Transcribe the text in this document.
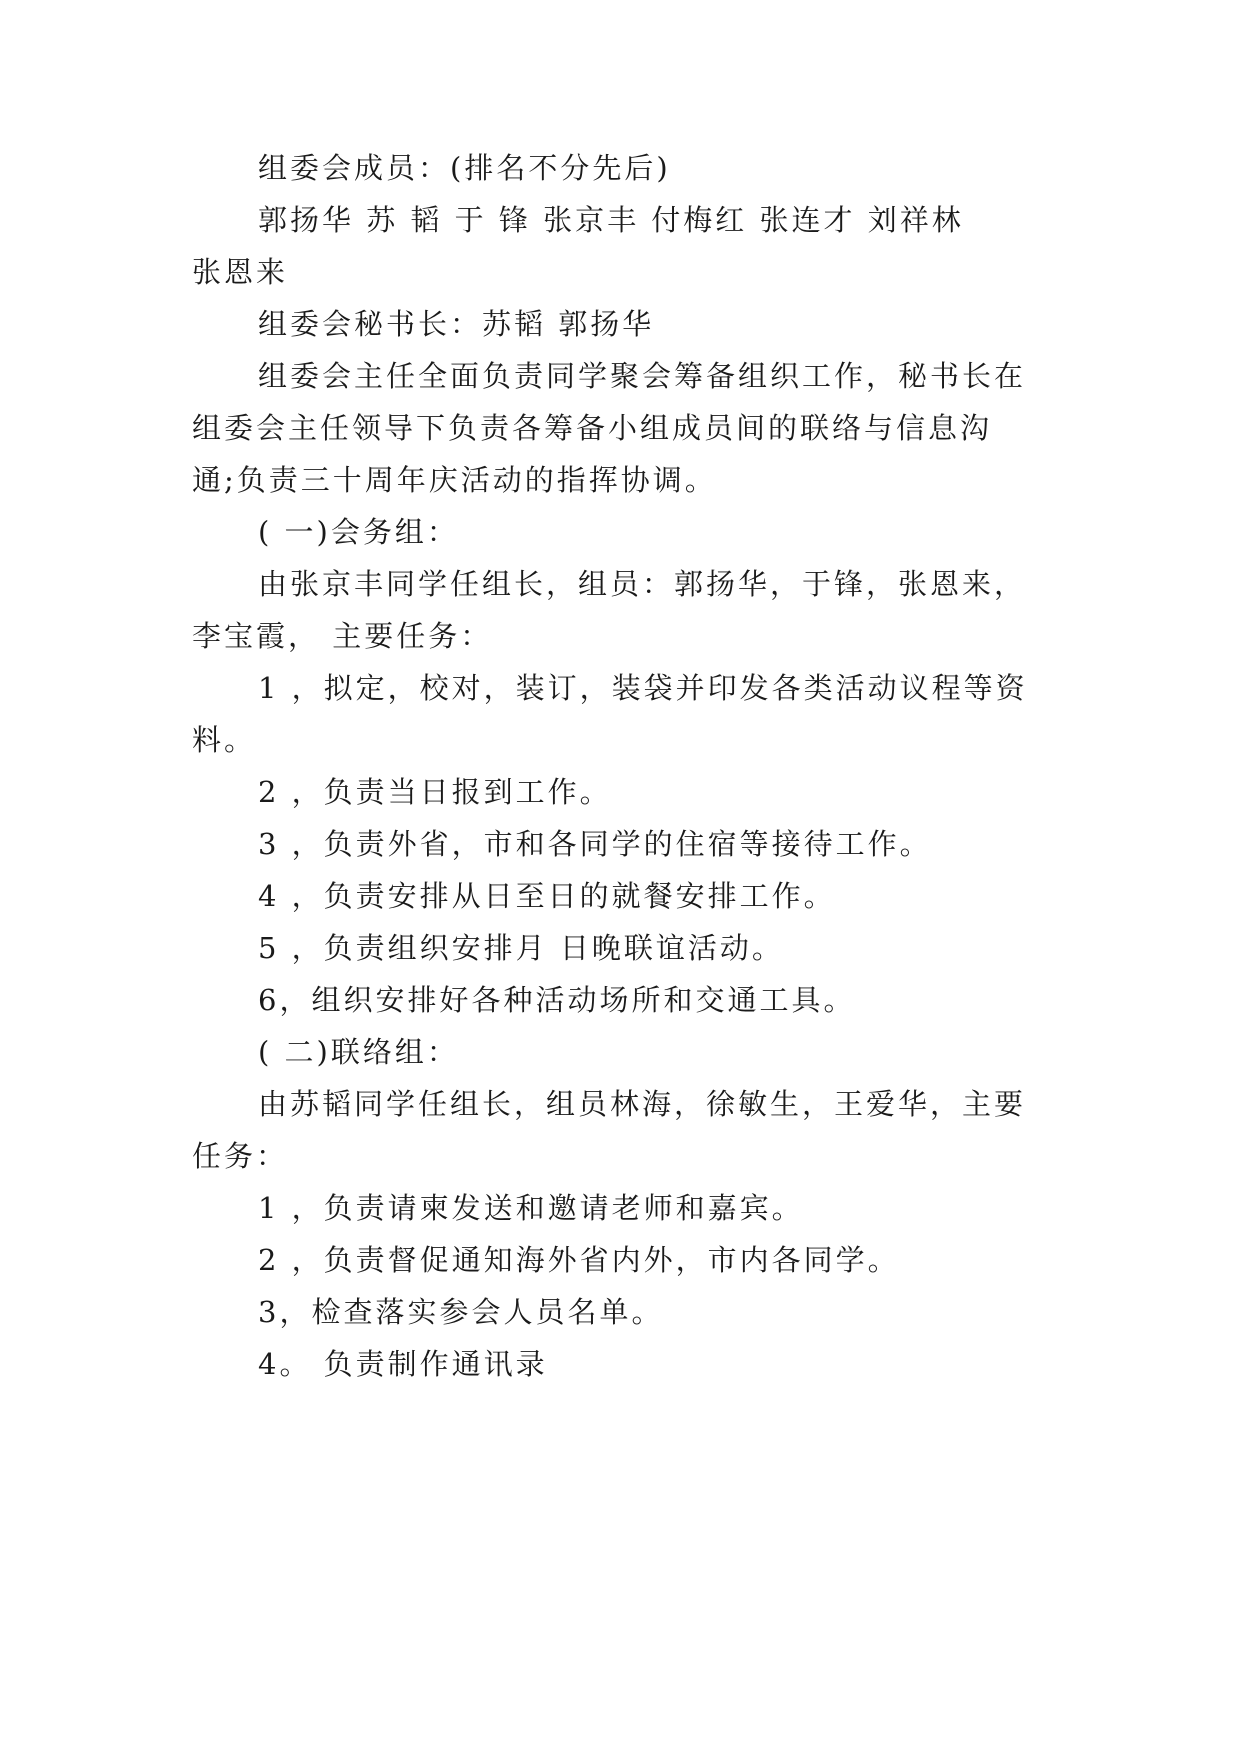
组委会成员：(排名不分先后)
郭扬华 苏 韬 于 锋 张京丰 付梅红 张连才 刘祥林
张恩来
组委会秘书长：苏韬 郭扬华
组委会主任全面负责同学聚会筹备组织工作，秘书长在
组委会主任领导下负责各筹备小组成员间的联络与信息沟
通;负责三十周年庆活动的指挥协调。
( 一)会务组：
由张京丰同学任组长，组员：郭扬华，于锋，张恩来，
李宝霞， 主要任务：
1 ，拟定，校对，装订，装袋并印发各类活动议程等资
料。
2 ，负责当日报到工作。
3 ，负责外省，市和各同学的住宿等接待工作。
4 ，负责安排从日至日的就餐安排工作。
5 ，负责组织安排月 日晚联谊活动。
6，组织安排好各种活动场所和交通工具。
( 二)联络组：
由苏韬同学任组长，组员林海，徐敏生，王爱华，主要
任务：
1 ，负责请柬发送和邀请老师和嘉宾。
2 ，负责督促通知海外省内外，市内各同学。
3，检查落实参会人员名单。
4。 负责制作通讯录
